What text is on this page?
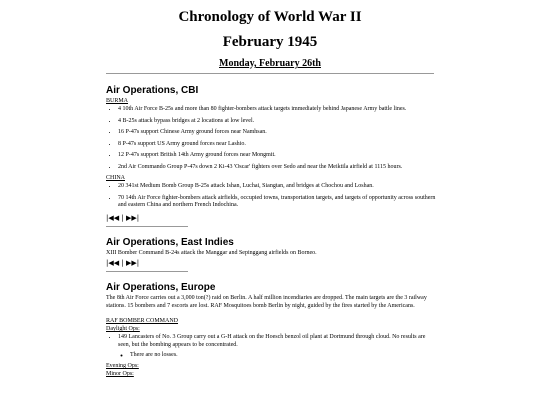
Chronology of World War II
February 1945
Monday, February 26th
Air Operations, CBI
BURMA
• 4 10th Air Force B-25s and more than 80 fighter-bombers attack targets immediately behind Japanese Army battle lines.
• 4 B-25s attack bypass bridges at 2 locations at low level.
• 16 P-47s support Chinese Army ground forces near Namhsan.
• 8 P-47s support US Army ground forces near Lashio.
• 12 P-47s support British 14th Army ground forces near Mongmit.
• 2nd Air Commando Group P-47s down 2 Ki-43 'Oscar' fighters over Sedo and near the Meiktila airfield at 1115 hours.
CHINA
• 20 341st Medium Bomb Group B-25s attack Ishan, Luchai, Siangtan, and bridges at Chochou and Loshan.
• 70 14th Air Force fighter-bombers attack airfields, occupied towns, transportation targets, and targets of opportunity across southern and eastern China and northern French Indochina.
|◀◀ | ▶▶|
Air Operations, East Indies
XIII Bomber Command B-24s attack the Manggar and Sepinggang airfields on Borneo.
|◀◀ | ▶▶|
Air Operations, Europe
The 8th Air Force carries out a 3,000 ton(?) raid on Berlin. A half million incendiaries are dropped. The main targets are the 3 railway stations. 15 bombers and 7 escorts are lost. RAF Mosquitoes bomb Berlin by night, guided by the fires started by the Americans.
RAF BOMBER COMMAND
Daylight Ops:
• 149 Lancasters of No. 3 Group carry out a G-H attack on the Hoesch benzol oil plant at Dortmund through cloud. No results are seen, but the bombing appears to be concentrated.
◦ There are no losses.
Evening Ops:
Minor Ops:
